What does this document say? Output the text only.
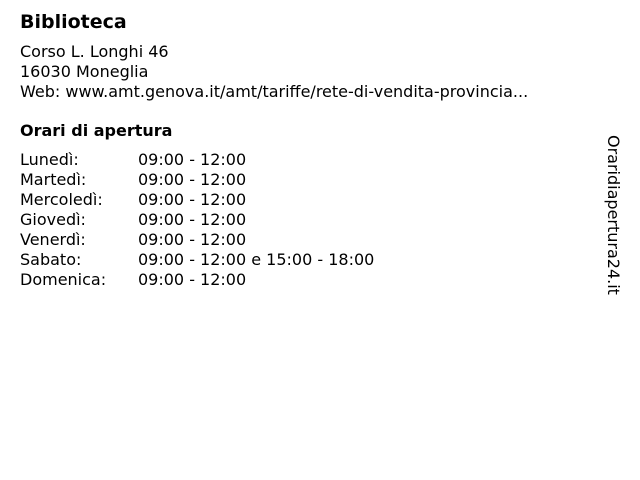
Biblioteca
Corso L. Longhi 46
16030 Moneglia
Web: www.amt.genova.it/amt/tariffe/rete-di-vendita-provincia...
Orari di apertura
Lunedì:	09:00 - 12:00
Martedì:	09:00 - 12:00
Mercoledì:	09:00 - 12:00
Giovedì:	09:00 - 12:00
Venerdì:	09:00 - 12:00
Sabato:	09:00 - 12:00 e 15:00 - 18:00
Domenica:	09:00 - 12:00	Oraridiapertura24.it
